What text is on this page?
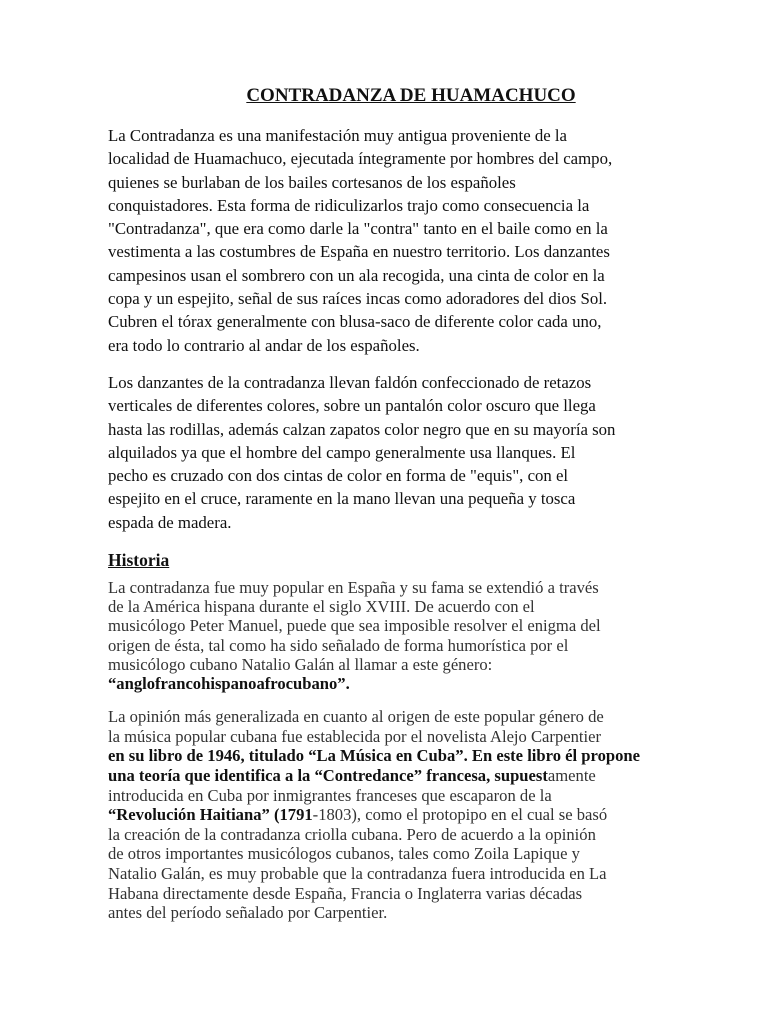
CONTRADANZA DE HUAMACHUCO

La Contradanza es una manifestación muy antigua proveniente de la
localidad de Huamachuco, ejecutada íntegramente por hombres del campo,
quienes se burlaban de los bailes cortesanos de los españoles
conquistadores. Esta forma de ridiculizarlos trajo como consecuencia la
"Contradanza", que era como darle la "contra" tanto en el baile como en la
vestimenta a las costumbres de España en nuestro territorio. Los danzantes
campesinos usan el sombrero con un ala recogida, una cinta de color en la
copa y un espejito, señal de sus raíces incas como adoradores del dios Sol.
Cubren el tórax generalmente con blusa-saco de diferente color cada uno,
era todo lo contrario al andar de los españoles.

Los danzantes de la contradanza llevan faldón confeccionado de retazos
verticales de diferentes colores, sobre un pantalón color oscuro que llega
hasta las rodillas, además calzan zapatos color negro que en su mayoría son
alquilados ya que el hombre del campo generalmente usa llanques. El
pecho es cruzado con dos cintas de color en forma de "equis", con el
espejito en el cruce, raramente en la mano llevan una pequeña y tosca
espada de madera.

Historia

La contradanza fue muy popular en España y su fama se extendió a través
de la América hispana durante el siglo XVIII. De acuerdo con el
musicólogo Peter Manuel, puede que sea imposible resolver el enigma del
origen de ésta, tal como ha sido señalado de forma humorística por el
musicólogo cubano Natalio Galán al llamar a este género:
“anglofrancohispanoafrocubano”.

La opinión más generalizada en cuanto al origen de este popular género de
la música popular cubana fue establecida por el novelista Alejo Carpentier
en su libro de 1946, titulado “La Música en Cuba”. En este libro él propone
una teoría que identifica a la “Contredance” francesa, supuestamente
introducida en Cuba por inmigrantes franceses que escaparon de la
“Revolución Haitiana” (1791-1803), como el protopipo en el cual se basó
la creación de la contradanza criolla cubana. Pero de acuerdo a la opinión
de otros importantes musicólogos cubanos, tales como Zoila Lapique y
Natalio Galán, es muy probable que la contradanza fuera introducida en La
Habana directamente desde España, Francia o Inglaterra varias décadas
antes del período señalado por Carpentier.
